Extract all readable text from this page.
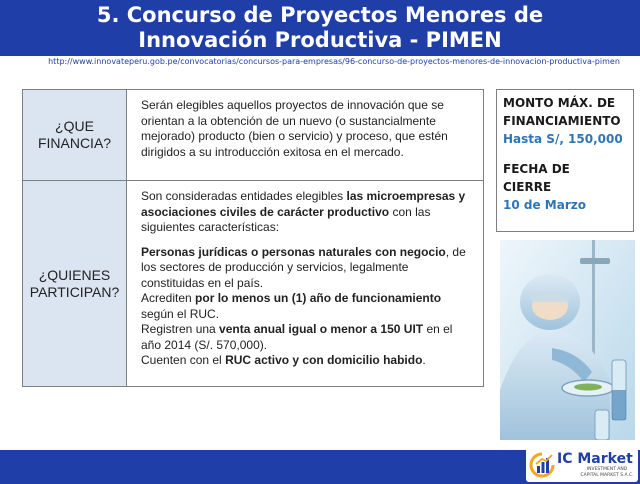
5. Concurso de Proyectos Menores de
Innovación Productiva - PIMEN
http://www.innovateperu.gob.pe/convocatorias/concursos-para-empresas/96-concurso-de-proyectos-menores-de-innovacion-productiva-pimen
¿QUE FINANCIA?

Serán elegibles aquellos proyectos de innovación que se orientan a la obtención de un nuevo (o sustancialmente mejorado) producto (bien o servicio) y proceso, que estén dirigidos a su introducción exitosa en el mercado.

¿QUIENES PARTICIPAN?

Son consideradas entidades elegibles las microempresas y asociaciones civiles de carácter productivo con las siguientes características:

Personas jurídicas o personas naturales con negocio, de los sectores de producción y servicios, legalmente constituidas en el país.

Acrediten por lo menos un (1) año de funcionamiento según el RUC.

Registren una venta anual igual o menor a 150 UIT en el año 2014 (S/. 570,000).

Cuenten con el RUC activo y con domicilio habido.

MONTO MÁX. DE
FINANCIAMIENTO
Hasta S/, 150,000
FECHA DE
CIERRE
10 de Marzo
IC Market
INVESTMENT AND CAPITAL MARKET S.A.C.
